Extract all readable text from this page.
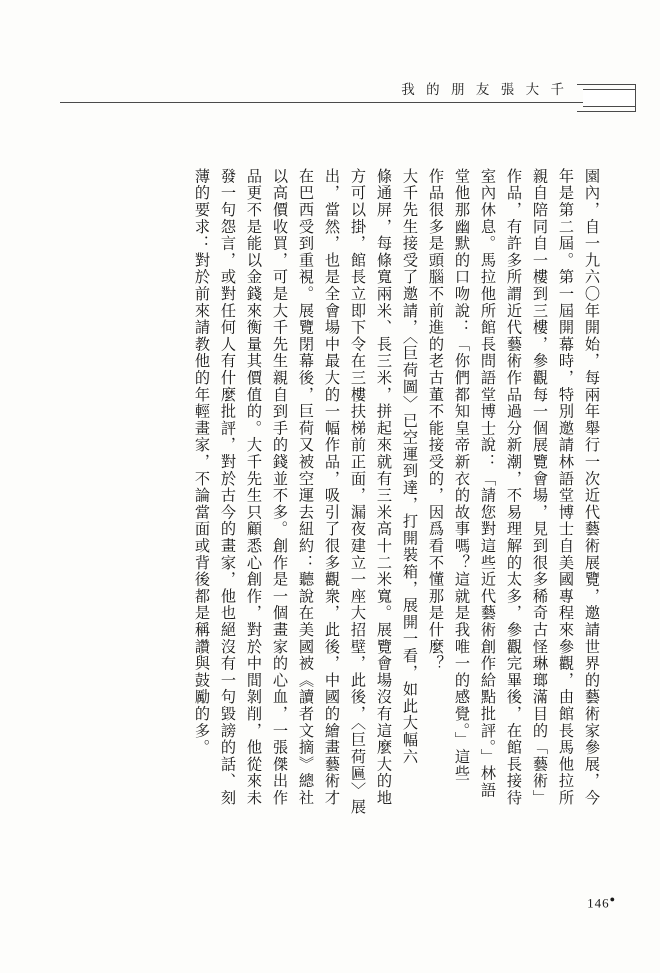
我 的 朋 友 張 大 千
園內，自一九六〇年開始，每兩年舉行一次近代藝術展覽，邀請世界的藝術家參展，今
年是第二屆。第一屆開幕時，特別邀請林語堂博士自美國專程來參觀，由館長馬他拉所
親自陪同自一樓到三樓，參觀每一個展覽會場，見到很多稀奇古怪琳瑯滿目的「藝術」
作品，有許多所謂近代藝術作品過分新潮，不易理解的太多，參觀完畢後，在館長接待
室內休息。馬拉他所館長問語堂博士說：「請您對這些近代藝術創作給點批評。」林語
堂他那幽默的口吻說：「你們都知皇帝新衣的故事嗎？這就是我唯一的感覺。」這些
作品很多是頭腦不前進的老古董不能接受的，因爲看不懂那是什麼？
大千先生接受了邀請，〈巨荷圖〉已空運到達，打開裝箱，展開一看，如此大幅六
條通屏，每條寬兩米、長三米，拼起來就有三米高十二米寬。展覽會場沒有這麼大的地
方可以掛，館長立即下令在三樓扶梯前正面，漏夜建立一座大招壁，此後，〈巨荷匾〉展
出，當然，也是全會場中最大的一幅作品，吸引了很多觀衆，此後，中國的繪畫藝術才
在巴西受到重視。展覽閉幕後，巨荷又被空運去紐約：聽說在美國被《讀者文摘》總社
以高價收買，可是大千先生親自到手的錢並不多。創作是一個畫家的心血，一張傑出作
品更不是能以金錢來衡量其價值的。大千先生只顧悉心創作，對於中間剝削，他從來未
發一句怨言，或對任何人有什麼批評，對於古今的畫家，他也絕沒有一句毀謗的話、刻
薄的要求：對於前來請教他的年輕畫家，不論當面或背後都是稱讚與鼓勵的多。
146●
